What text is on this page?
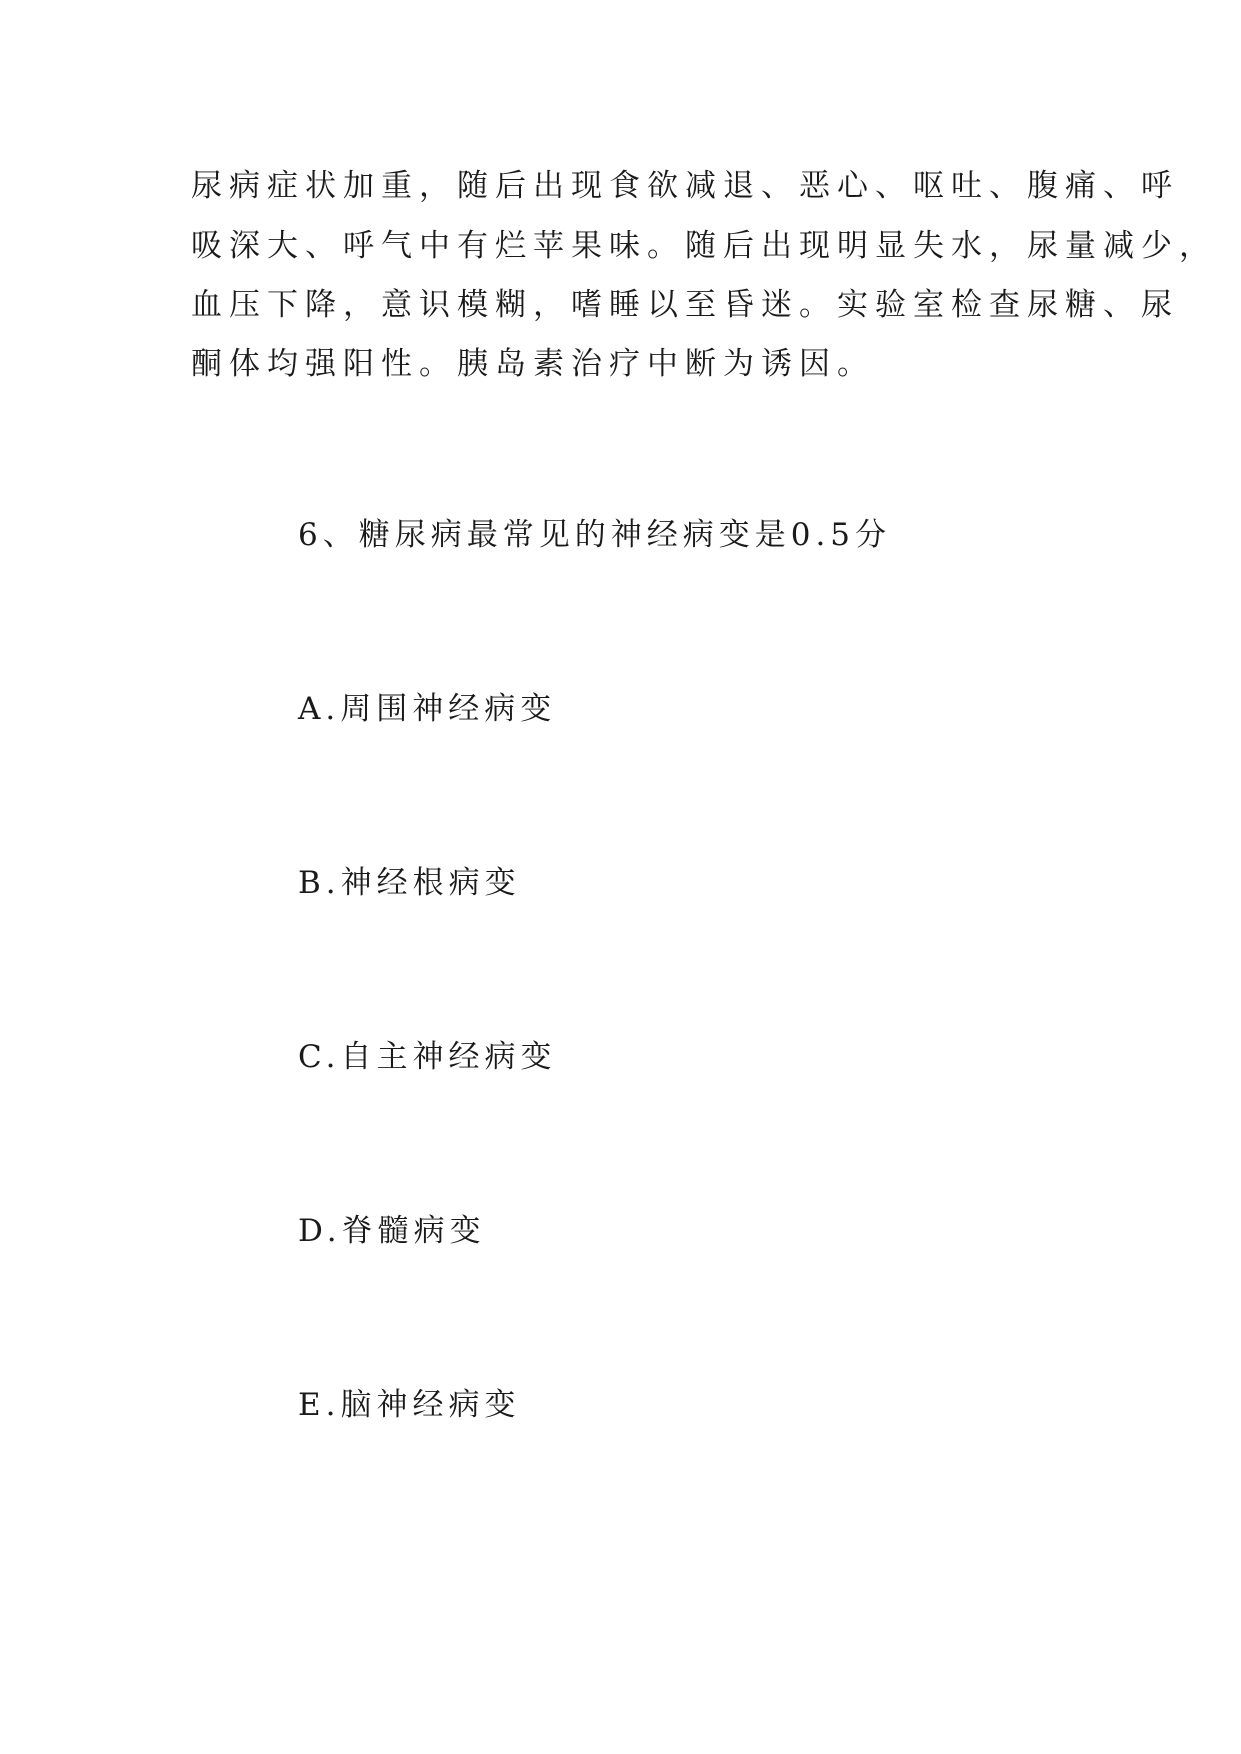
尿病症状加重，随后出现食欲减退、恶心、呕吐、腹痛、呼
吸深大、呼气中有烂苹果味。随后出现明显失水，尿量减少，
血压下降，意识模糊，嗜睡以至昏迷。实验室检查尿糖、尿
酮体均强阳性。胰岛素治疗中断为诱因。
6、糖尿病最常见的神经病变是0.5分
A.周围神经病变
B.神经根病变
C.自主神经病变
D.脊髓病变
E.脑神经病变
